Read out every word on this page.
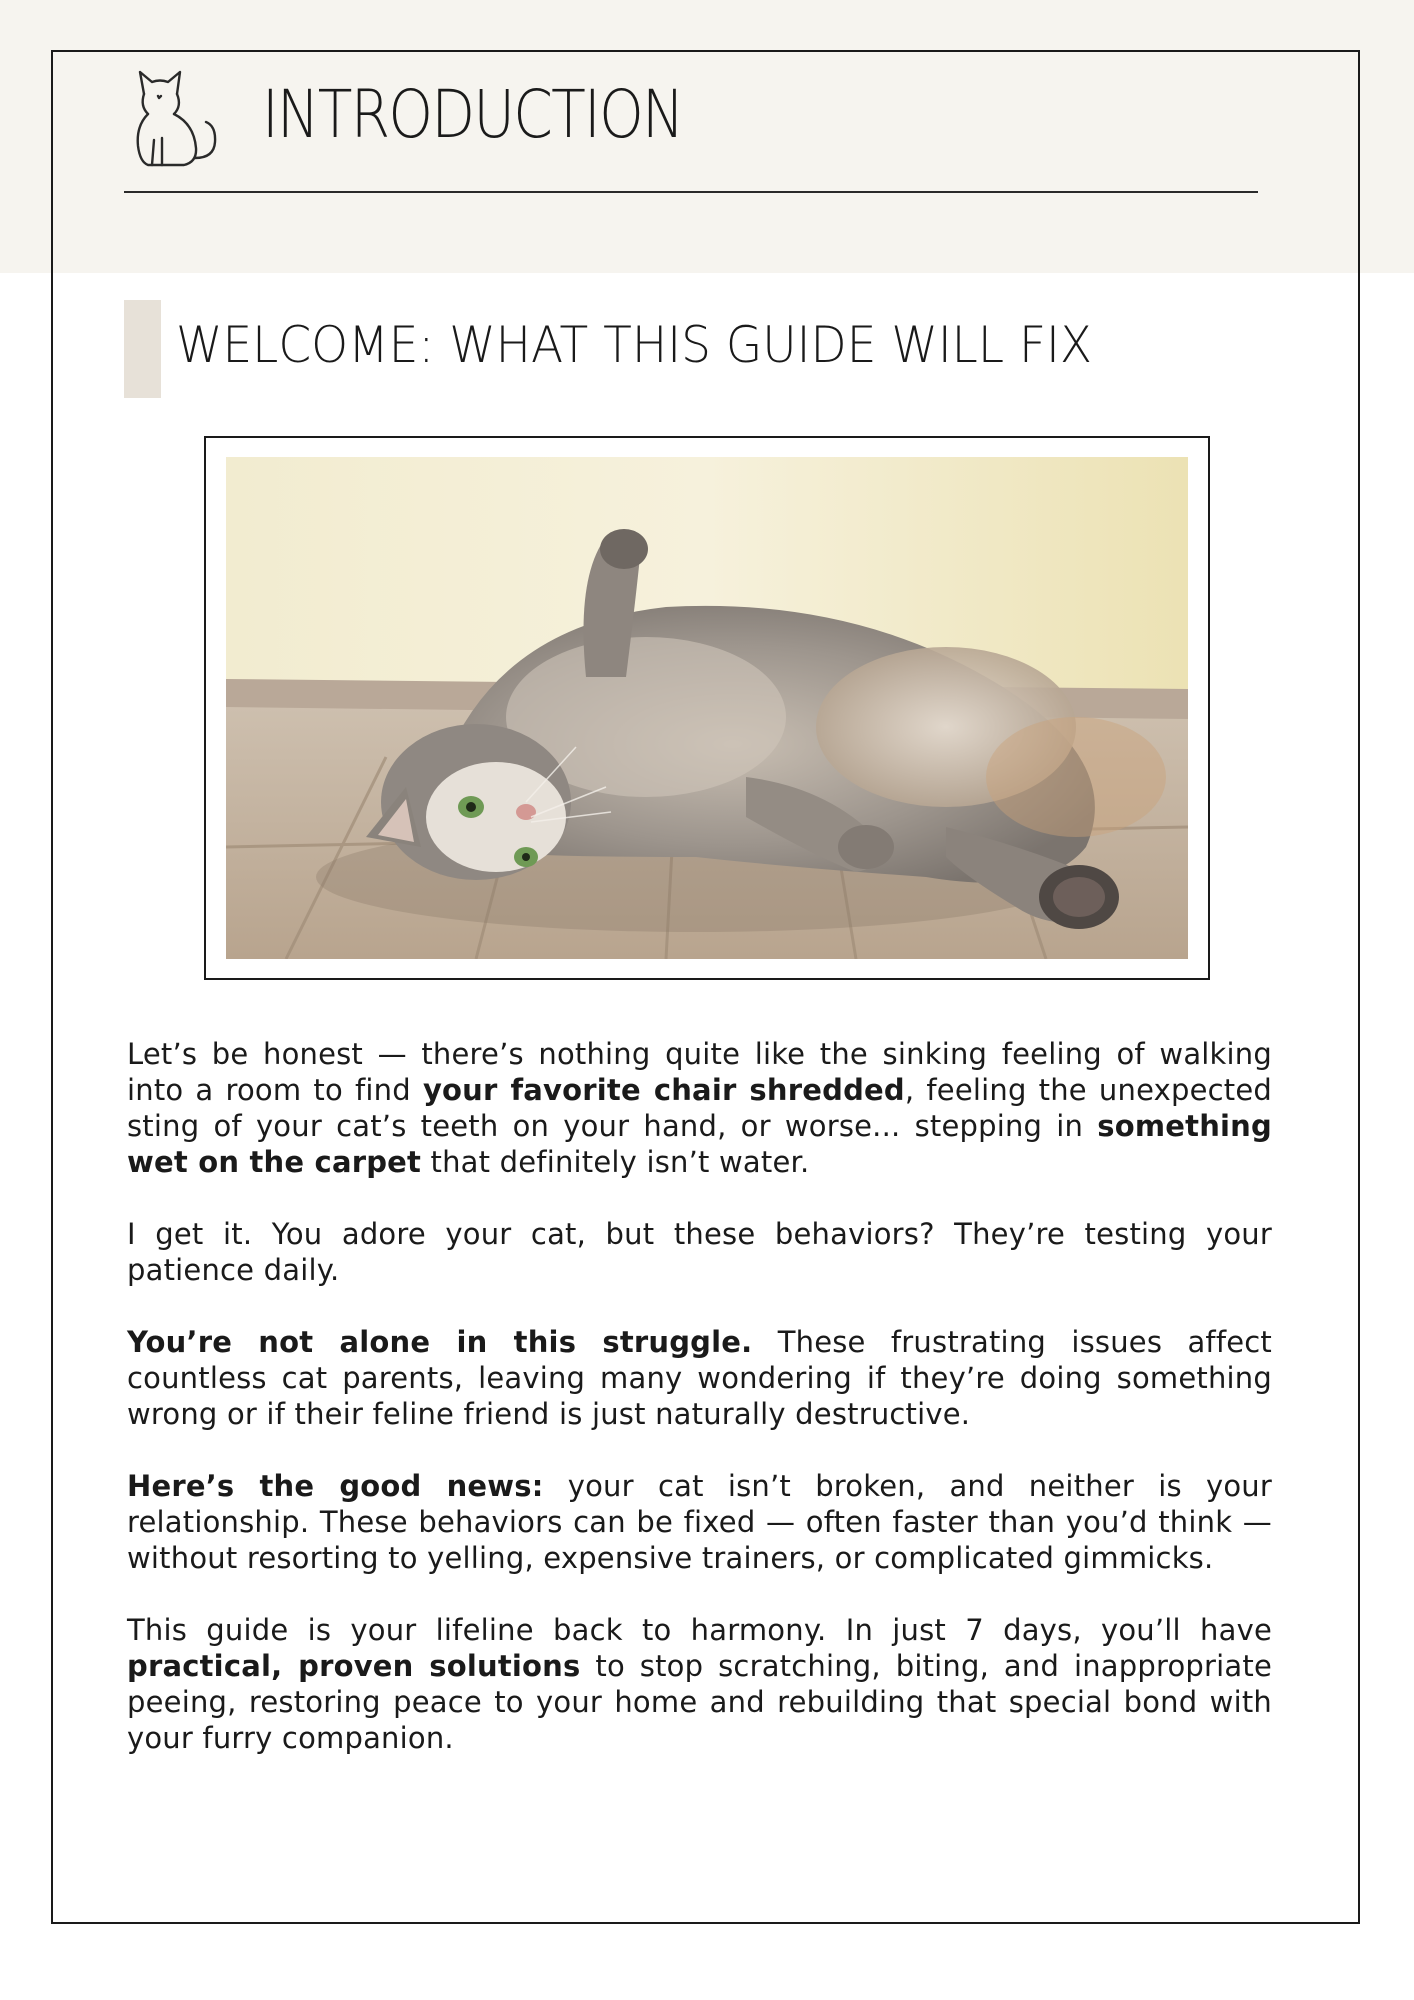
INTRODUCTION
WELCOME: WHAT THIS GUIDE WILL FIX

Let’s be honest — there’s nothing quite like the sinking feeling of walking into a room to find your favorite chair shredded, feeling the unexpected sting of your cat’s teeth on your hand, or worse... stepping in something wet on the carpet that definitely isn’t water.

I get it. You adore your cat, but these behaviors? They’re testing your patience daily.

You’re not alone in this struggle. These frustrating issues affect countless cat parents, leaving many wondering if they’re doing something wrong or if their feline friend is just naturally destructive.

Here’s the good news: your cat isn’t broken, and neither is your relationship. These behaviors can be fixed — often faster than you’d think —without resorting to yelling, expensive trainers, or complicated gimmicks.

This guide is your lifeline back to harmony. In just 7 days, you’ll have practical, proven solutions to stop scratching, biting, and inappropriate peeing, restoring peace to your home and rebuilding that special bond with your furry companion.
